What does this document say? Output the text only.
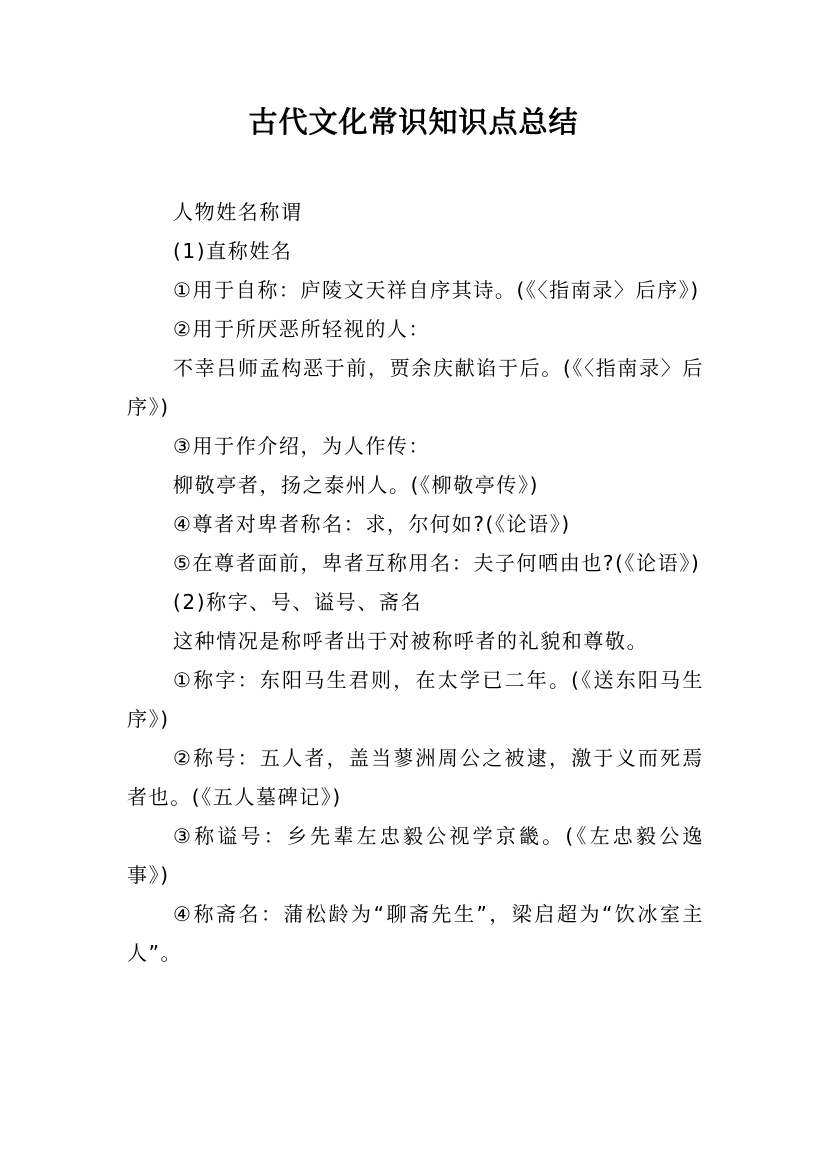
古代文化常识知识点总结

人物姓名称谓

(1)直称姓名

①用于自称：庐陵文天祥自序其诗。(《〈指南录〉后序》)

②用于所厌恶所轻视的人：

不幸吕师孟构恶于前，贾余庆献谄于后。(《〈指南录〉后序》)

③用于作介绍，为人作传：

柳敬亭者，扬之泰州人。(《柳敬亭传》)

④尊者对卑者称名：求，尔何如?(《论语》)

⑤在尊者面前，卑者互称用名：夫子何哂由也?(《论语》)

(2)称字、号、谥号、斋名

这种情况是称呼者出于对被称呼者的礼貌和尊敬。

①称字：东阳马生君则，在太学已二年。(《送东阳马生序》)

②称号：五人者，盖当蓼洲周公之被逮，激于义而死焉者也。(《五人墓碑记》)

③称谥号：乡先辈左忠毅公视学京畿。(《左忠毅公逸事》)

④称斋名：蒲松龄为“聊斋先生”，梁启超为“饮冰室主人”。
